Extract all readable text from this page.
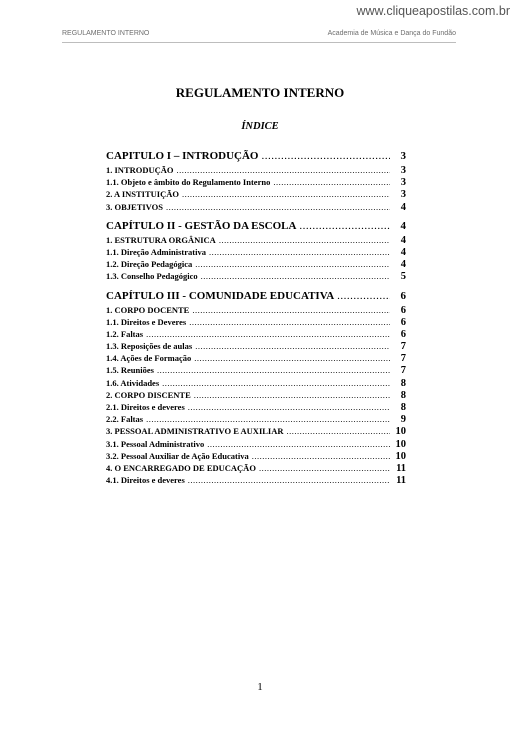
www.cliqueapostilas.com.br
REGULAMENTO INTERNO	Academia de Música e Dança do Fundão
REGULAMENTO INTERNO
ÍNDICE
CAPITULO I – INTRODUÇÃO .....	3
1. INTRODUÇÃO .....	3
1.1. Objeto e âmbito do Regulamento Interno .....	3
2. A INSTITUIÇÃO .....	3
3. OBJETIVOS .....	4
CAPÍTULO II - GESTÃO DA ESCOLA .....	4
1. ESTRUTURA ORGÂNICA .....	4
1.1. Direção Administrativa .....	4
1.2. Direção Pedagógica .....	4
1.3. Conselho Pedagógico .....	5
CAPÍTULO III - COMUNIDADE EDUCATIVA .....	6
1. CORPO DOCENTE .....	6
1.1. Direitos e Deveres .....	6
1.2. Faltas .....	6
1.3. Reposições de aulas .....	7
1.4. Ações de Formação .....	7
1.5. Reuniões .....	7
1.6. Atividades .....	8
2. CORPO DISCENTE .....	8
2.1. Direitos e deveres .....	8
2.2. Faltas .....	9
3. PESSOAL ADMINISTRATIVO E AUXILIAR .....	10
3.1. Pessoal Administrativo .....	10
3.2. Pessoal Auxiliar de Ação Educativa .....	10
4. O ENCARREGADO DE EDUCAÇÃO .....	11
4.1. Direitos e deveres .....	11
1
